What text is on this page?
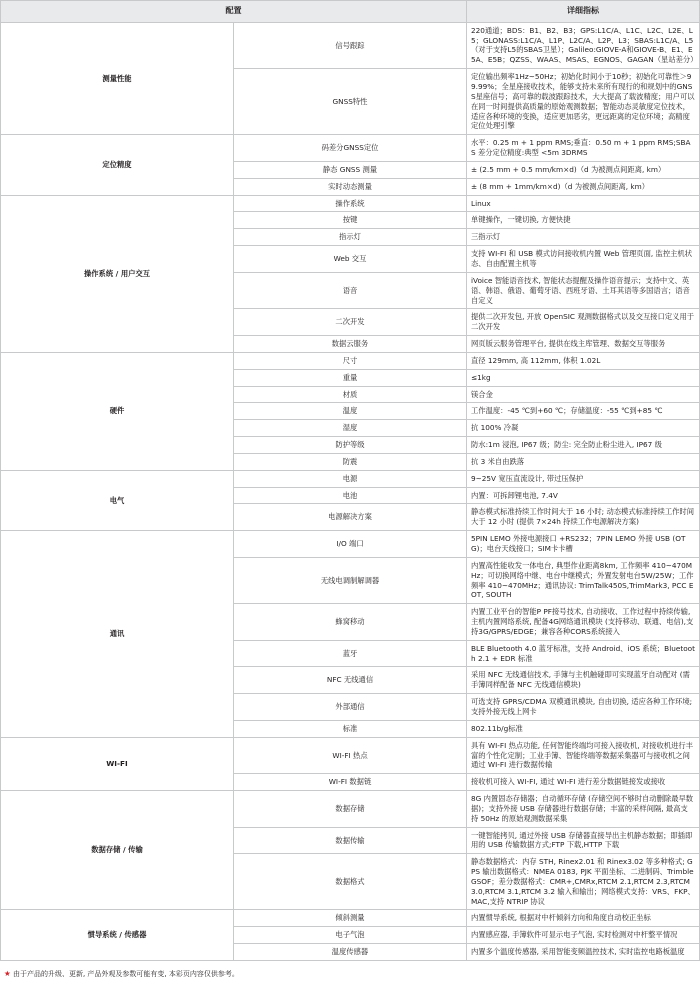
配置		详细指标
测量性能	信号跟踪	220通道；BDS：B1、B2、B3；GPS:L1C/A、L1C、L2C、L2E、L5；GLONASS:L1C/A、L1P、L2C/A、L2P、L3；SBAS:L1C/A、L5（对于支持L5的SBAS卫星）；Galileo:GIOVE-A和GIOVE-B、E1、E5A、E5B；QZSS、WAAS、MSAS、EGNOS、GAGAN（星站差分）
	GNSS特性	定位输出频率1Hz~50Hz；初始化时间小于10秒；初始化可靠性＞99.99%；全星座接收技术，能够支持未来所有现行的和规划中的GNSS星座信号；高可靠的载波跟踪技术，大大提高了载波精度；用户可以在同一时间提供高质量的原始观测数据；智能动态灵敏度定位技术，适应各种环境的变换，适应更加恶劣，更远距离的定位环境；高精度定位处理引擎
定位精度	码差分GNSS定位	水平：0.25 m + 1 ppm RMS;垂直：0.50 m + 1 ppm RMS;SBAS 差分定位精度:典型 <5m 3DRMS
	静态 GNSS 测量	± (2.5 mm + 0.5 mm/km×d)（d 为被测点间距离, km）
	实时动态测量	± (8 mm + 1mm/km×d)（d 为被测点间距离, km）
操作系统 / 用户交互	操作系统	Linux
	按键	单键操作，一键切换, 方便快捷
	指示灯	三指示灯
	Web 交互	支持 WI-FI 和 USB 模式访问接收机内置 Web 管理页面, 监控主机状态、自由配置主机等
	语音	iVoice 智能语音技术, 智能状态提醒及操作语音提示；支持中文、英语、韩语、俄语、葡萄牙语、西班牙语、土耳其语等多国语言；语音自定义
	二次开发	提供二次开发包, 开放 OpenSIC 观测数据格式以及交互接口定义用于二次开发
	数据云服务	网页版云服务管理平台, 提供在线主库管理、数据交互等服务
硬件	尺寸	直径 129mm, 高 112mm, 体积 1.02L
	重量	≤1kg
	材质	镁合金
	温度	工作温度：-45 ℃到+60 ℃；存储温度：-55 ℃到+85 ℃
	湿度	抗 100% 冷凝
	防护等级	防水:1m 浸泡, IP67 级；防尘: 完全防止粉尘进入, IP67 级
	防震	抗 3 米自由跌落
电气	电源	9~25V 宽压直流设计, 带过压保护
	电池	内置：可拆卸锂电池, 7.4V
	电源解决方案	静态模式标准持续工作时间大于 16 小时; 动态模式标准持续工作时间大于 12 小时 (提供 7×24h 持续工作电源解决方案)
通讯	I/O 端口	5PIN LEMO 外接电源接口 +RS232；7PIN LEMO 外接 USB (OTG)；电台天线接口；SIM卡卡槽
	无线电调制解调器	内置高性能收发一体电台, 典型作业距离8km, 工作频率 410~470MHz；可切换网络中继、电台中继模式；外置发射电台5W/25W；工作频率 410~470MHz；通讯协议: TrimTalk450S,TrimMark3, PCC EOT, SOUTH
	蜂窝移动	内置工业平台的智能P PF接号技术, 自动接收、工作过程中持续传输, 主机内置网络系统, 配备4G网络通讯模块 (支持移动、联通、电信),支持3G/GPRS/EDGE；兼容各种CORS系统接入
	蓝牙	BLE Bluetooth 4.0 蓝牙标准，支持 Android、iOS 系统；Bluetooth 2.1 + EDR 标准
	NFC 无线通信	采用 NFC 无线通信技术, 手簿与主机触碰即可实现蓝牙自动配对 (需手簿同样配备 NFC 无线通信模块)
	外部通信	可选支持 GPRS/CDMA 双模通讯模块, 自由切换, 适应各种工作环境; 支持外接无线上网卡
	标准	802.11b/g标准
WI-FI	WI-FI 热点	具有 WI-FI 热点功能, 任何智能终端均可接入接收机, 对接收机进行丰富的个性化定制；工业手簿、智能终端等数据采集器可与接收机之间通过 WI-FI 进行数据传输
	WI-FI 数据链	接收机可接入 WI-FI, 通过 WI-FI 进行差分数据链接发或接收
数据存储 / 传输	数据存储	8G 内置固态存储器；自动循环存储 (存储空间不够时自动删除最早数据)；支持外接 USB 存储器进行数据存储；丰富的采样间隔, 最高支持 50Hz 的原始观测数据采集
	数据传输	一键智能拷贝, 通过外接 USB 存储器直接导出主机静态数据；即插即用的 USB 传输数据方式;FTP 下载,HTTP 下载
	数据格式	静态数据格式：内存 STH, Rinex2.01 和 Rinex3.02 等多种格式; GPS 输出数据格式：NMEA 0183, PJK 平面坐标、二进制码、Trimble GSOF；差分数据格式：CMR+,CMRx,RTCM 2.1,RTCM 2.3,RTCM 3.0,RTCM 3.1,RTCM 3.2 输入和输出；网络模式支持：VRS、FKP、MAC,支持 NTRIP 协议
惯导系统 / 传感器	倾斜测量	内置惯导系统, 根据对中杆倾斜方向和角度自动校正坐标
	电子气泡	内置感应器, 手簿软件可显示电子气泡, 实时检测对中杆整平情况
	温度传感器	内置多个温度传感器, 采用智能变频温控技术, 实时监控电路板温度
★ 由于产品的升级、更新, 产品外观及参数可能有变, 本彩页内容仅供参考。
